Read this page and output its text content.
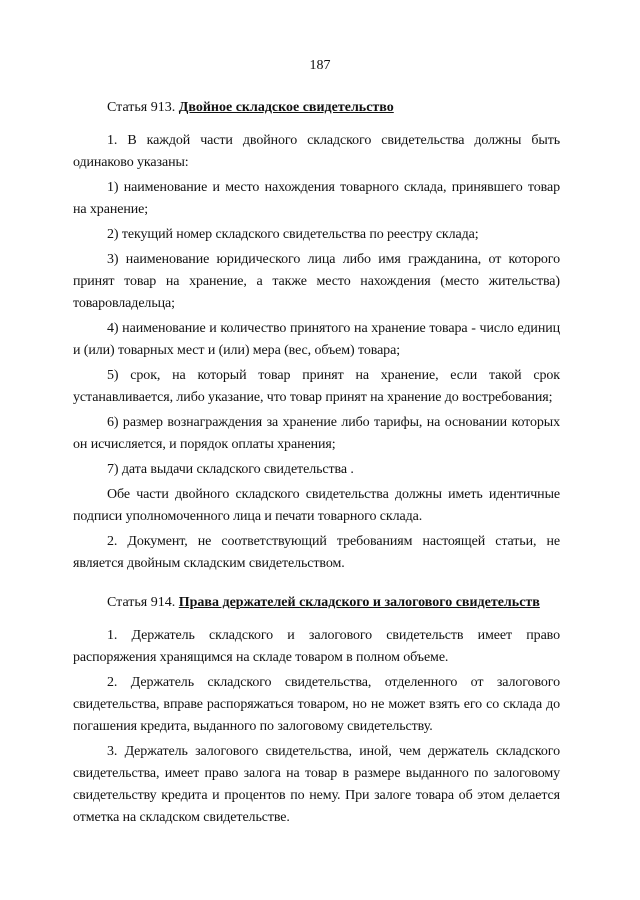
187

Статья 913. Двойное складское свидетельство

1. В каждой части двойного складского свидетельства должны быть одинаково указаны:

1) наименование и место нахождения товарного склада, принявшего товар на хранение;

2) текущий номер складского свидетельства по реестру склада;

3) наименование юридического лица либо имя гражданина, от которого принят товар на хранение, а также место нахождения (место жительства) товаровладельца;

4) наименование и количество принятого на хранение товара - число единиц и (или) товарных мест и (или) мера (вес, объем) товара;

5) срок, на который товар принят на хранение, если такой срок устанавливается, либо указание, что товар принят на хранение до востребования;

6) размер вознаграждения за хранение либо тарифы, на основании которых он исчисляется, и порядок оплаты хранения;

7) дата выдачи складского свидетельства .

Обе части двойного складского свидетельства должны иметь идентичные подписи уполномоченного лица и печати товарного склада.

2. Документ, не соответствующий требованиям настоящей статьи, не является двойным складским свидетельством.

Статья 914. Права держателей складского и залогового свидетельств

1. Держатель складского и залогового свидетельств имеет право распоряжения хранящимся на складе товаром в полном объеме.

2. Держатель складского свидетельства, отделенного от залогового свидетельства, вправе распоряжаться товаром, но не может взять его со склада до погашения кредита, выданного по залоговому свидетельству.

3. Держатель залогового свидетельства, иной, чем держатель складского свидетельства, имеет право залога на товар в размере выданного по залоговому свидетельству кредита и процентов по нему. При залоге товара об этом делается отметка на складском свидетельстве.
